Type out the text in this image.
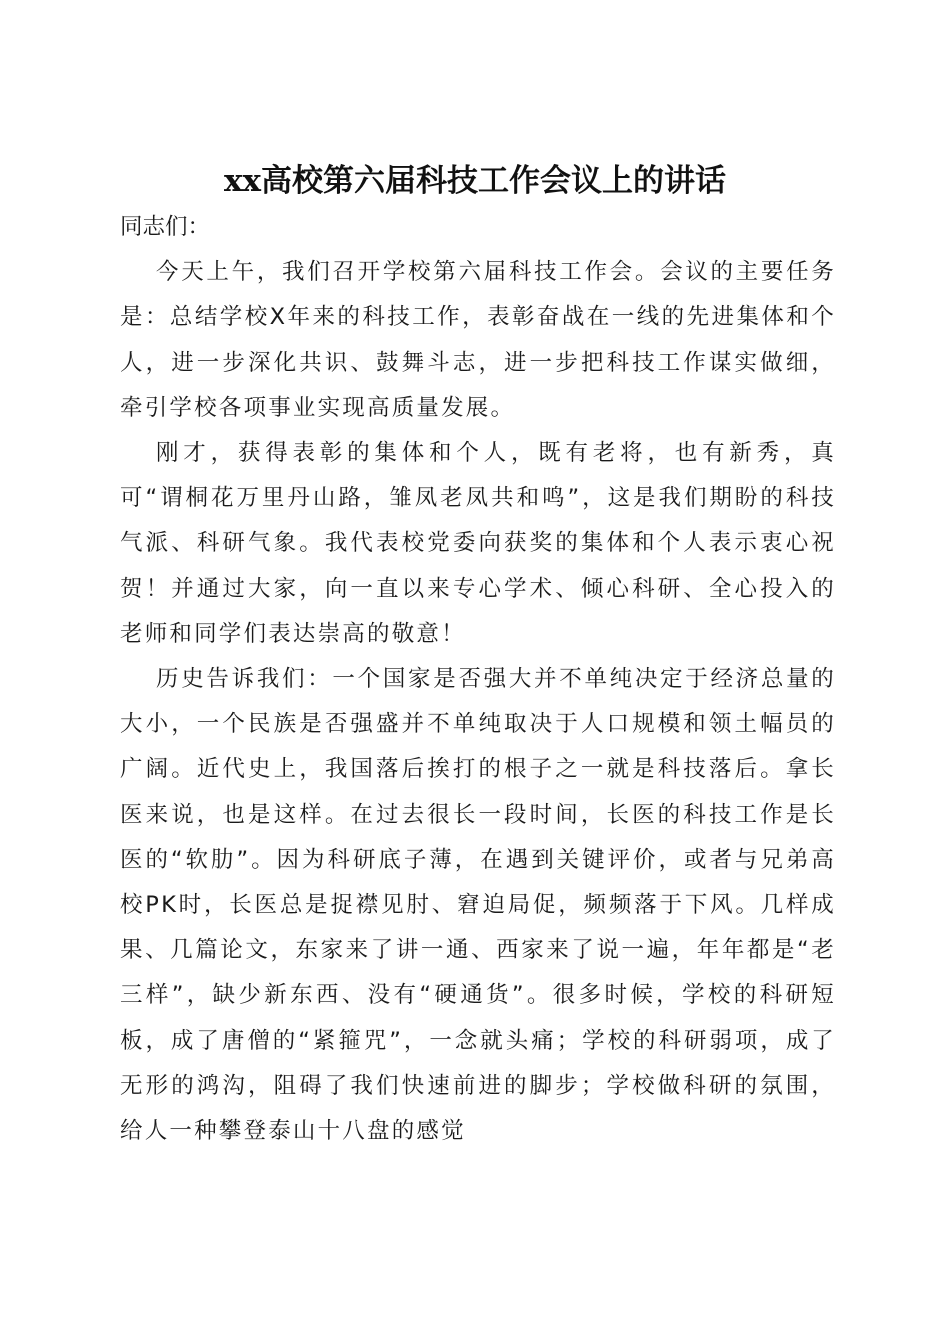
xx高校第六届科技工作会议上的讲话

同志们：

今天上午，我们召开学校第六届科技工作会。会议的主要任务是：总结学校X年来的科技工作，表彰奋战在一线的先进集体和个人，进一步深化共识、鼓舞斗志，进一步把科技工作谋实做细，牵引学校各项事业实现高质量发展。

刚才，获得表彰的集体和个人，既有老将，也有新秀，真可“谓桐花万里丹山路，雏凤老凤共和鸣”，这是我们期盼的科技气派、科研气象。我代表校党委向获奖的集体和个人表示衷心祝贺！并通过大家，向一直以来专心学术、倾心科研、全心投入的老师和同学们表达崇高的敬意！

历史告诉我们：一个国家是否强大并不单纯决定于经济总量的大小，一个民族是否强盛并不单纯取决于人口规模和领土幅员的广阔。近代史上，我国落后挨打的根子之一就是科技落后。拿长医来说，也是这样。在过去很长一段时间，长医的科技工作是长医的“软肋”。因为科研底子薄，在遇到关键评价，或者与兄弟高校PK时，长医总是捉襟见肘、窘迫局促，频频落于下风。几样成果、几篇论文，东家来了讲一通、西家来了说一遍，年年都是“老三样”，缺少新东西、没有“硬通货”。很多时候，学校的科研短板，成了唐僧的“紧箍咒”，一念就头痛；学校的科研弱项，成了无形的鸿沟，阻碍了我们快速前进的脚步；学校做科研的氛围，给人一种攀登泰山十八盘的感觉
